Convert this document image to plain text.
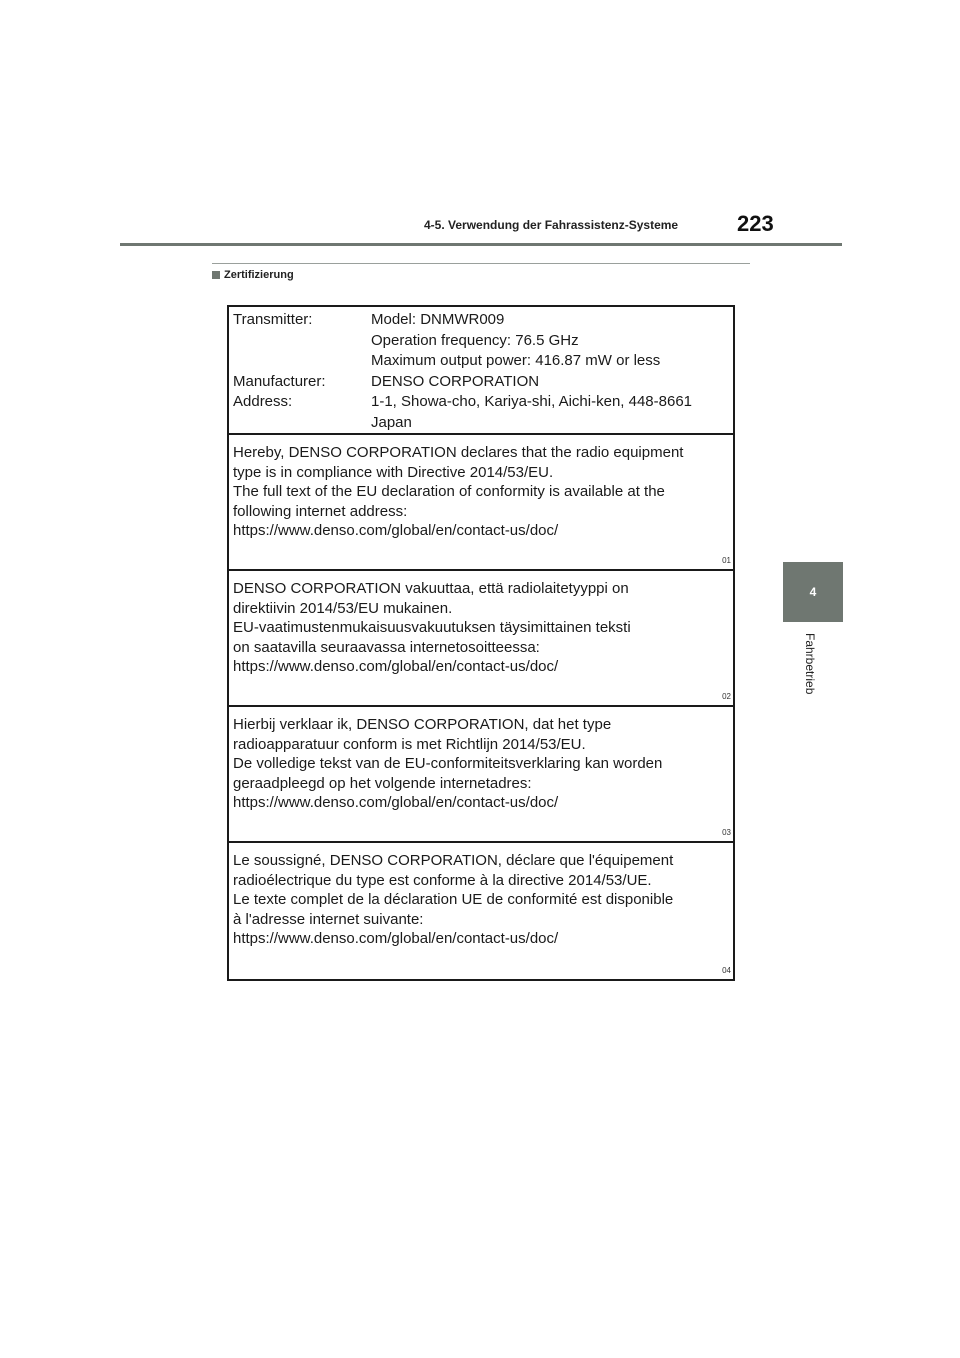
4-5. Verwendung der Fahrassistenz-Systeme	223
Zertifizierung
4
Fahrbetrieb
Transmitter:	Model: DNMWR009
Operation frequency: 76.5 GHz
Maximum output power: 416.87 mW or less
Manufacturer:	DENSO CORPORATION
Address:	1-1, Showa-cho, Kariya-shi, Aichi-ken, 448-8661
Japan
Hereby, DENSO CORPORATION declares that the radio equipment
type is in compliance with Directive 2014/53/EU.
The full text of the EU declaration of conformity is available at the
following internet address:
https://www.denso.com/global/en/contact-us/doc/
01
DENSO CORPORATION vakuuttaa, että radiolaitetyyppi on
direktiivin 2014/53/EU mukainen.
EU-vaatimustenmukaisuusvakuutuksen täysimittainen teksti
on saatavilla seuraavassa internetosoitteessa:
https://www.denso.com/global/en/contact-us/doc/
02
Hierbij verklaar ik, DENSO CORPORATION, dat het type
radioapparatuur conform is met Richtlijn 2014/53/EU.
De volledige tekst van de EU-conformiteitsverklaring kan worden
geraadpleegd op het volgende internetadres:
https://www.denso.com/global/en/contact-us/doc/
03
Le soussigné, DENSO CORPORATION, déclare que l'équipement
radioélectrique du type est conforme à la directive 2014/53/UE.
Le texte complet de la déclaration UE de conformité est disponible
à l'adresse internet suivante:
https://www.denso.com/global/en/contact-us/doc/
04
